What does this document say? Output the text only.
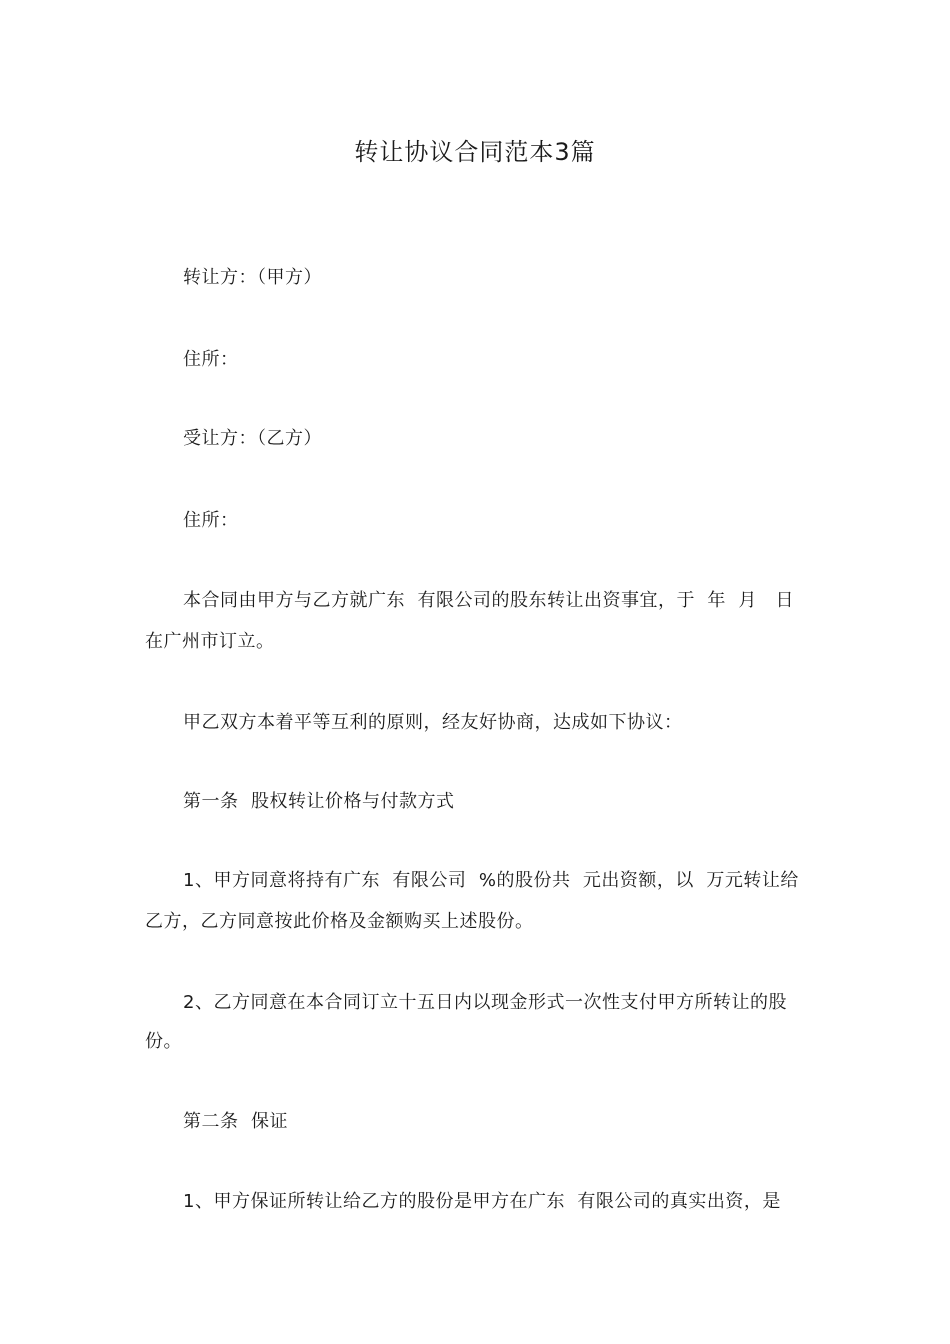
转让协议合同范本3篇
转让方：（甲方）
住所：
受让方：（乙方）
住所：
本合同由甲方与乙方就广东  有限公司的股东转让出资事宜，于  年  月   日
在广州市订立。
甲乙双方本着平等互利的原则，经友好协商，达成如下协议：
第一条  股权转让价格与付款方式
1、甲方同意将持有广东  有限公司  %的股份共  元出资额，以  万元转让给
乙方，乙方同意按此价格及金额购买上述股份。
2、乙方同意在本合同订立十五日内以现金形式一次性支付甲方所转让的股
份。
第二条  保证
1、甲方保证所转让给乙方的股份是甲方在广东  有限公司的真实出资，是
